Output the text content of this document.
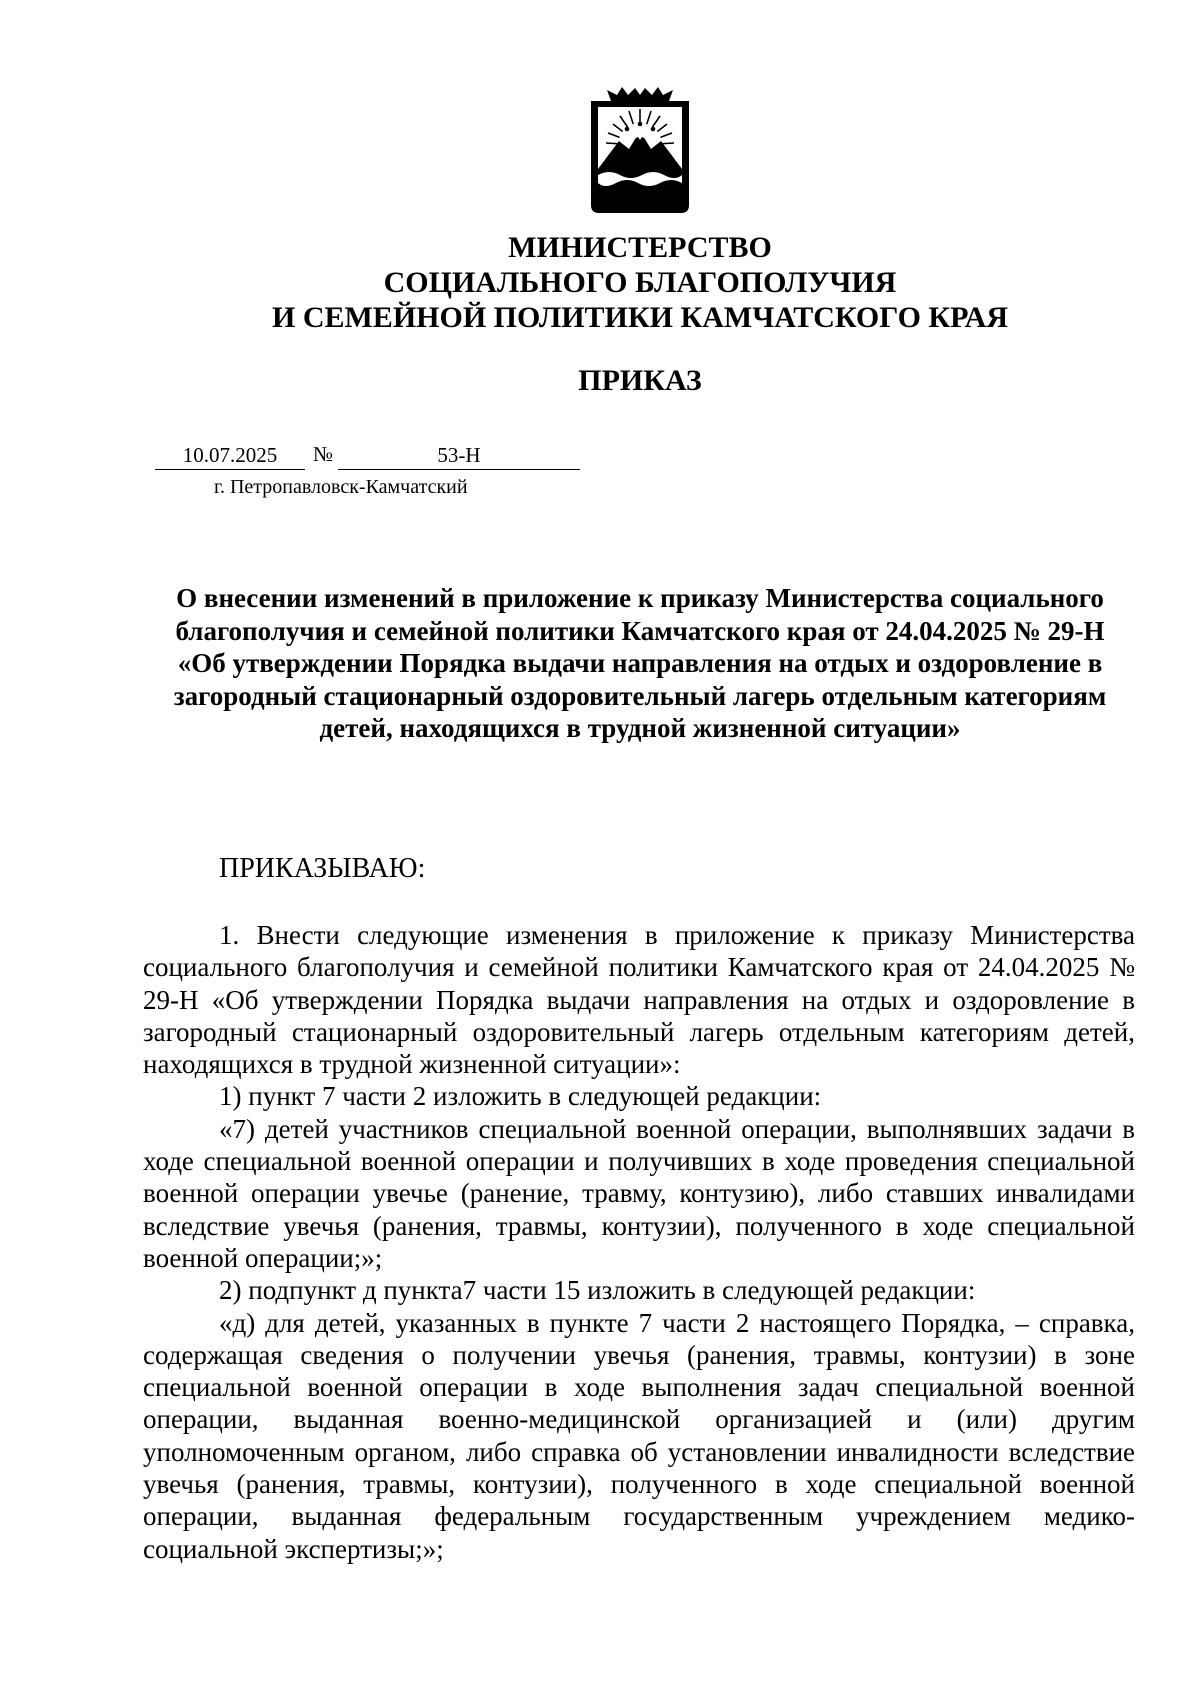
МИНИСТЕРСТВО
СОЦИАЛЬНОГО БЛАГОПОЛУЧИЯ
И СЕМЕЙНОЙ ПОЛИТИКИ КАМЧАТСКОГО КРАЯ
ПРИКАЗ
10.07.2025	№	53-Н
г. Петропавловск-Камчатский
О внесении изменений в приложение к приказу Министерства социального благополучия и семейной политики Камчатского края от 24.04.2025 № 29-Н «Об утверждении Порядка выдачи направления на отдых и оздоровление в загородный стационарный оздоровительный лагерь отдельным категориям детей, находящихся в трудной жизненной ситуации»
ПРИКАЗЫВАЮ:

1. Внести следующие изменения в приложение к приказу Министерства социального благополучия и семейной политики Камчатского края от 24.04.2025 № 29-Н «Об утверждении Порядка выдачи направления на отдых и оздоровление в загородный стационарный оздоровительный лагерь отдельным категориям детей, находящихся в трудной жизненной ситуации»:

1) пункт 7 части 2 изложить в следующей редакции:

«7) детей участников специальной военной операции, выполнявших задачи в ходе специальной военной операции и получивших в ходе проведения специальной военной операции увечье (ранение, травму, контузию), либо ставших инвалидами вследствие увечья (ранения, травмы, контузии), полученного в ходе специальной военной операции;»;

2) подпункт д пункта7 части 15 изложить в следующей редакции:

«д) для детей, указанных в пункте 7 части 2 настоящего Порядка, – справка, содержащая сведения о получении увечья (ранения, травмы, контузии) в зоне специальной военной операции в ходе выполнения задач специальной военной операции, выданная военно-медицинской организацией и (или) другим уполномоченным органом, либо справка об установлении инвалидности вследствие увечья (ранения, травмы, контузии), полученного в ходе специальной военной операции, выданная федеральным государственным учреждением медико-социальной экспертизы;»;
